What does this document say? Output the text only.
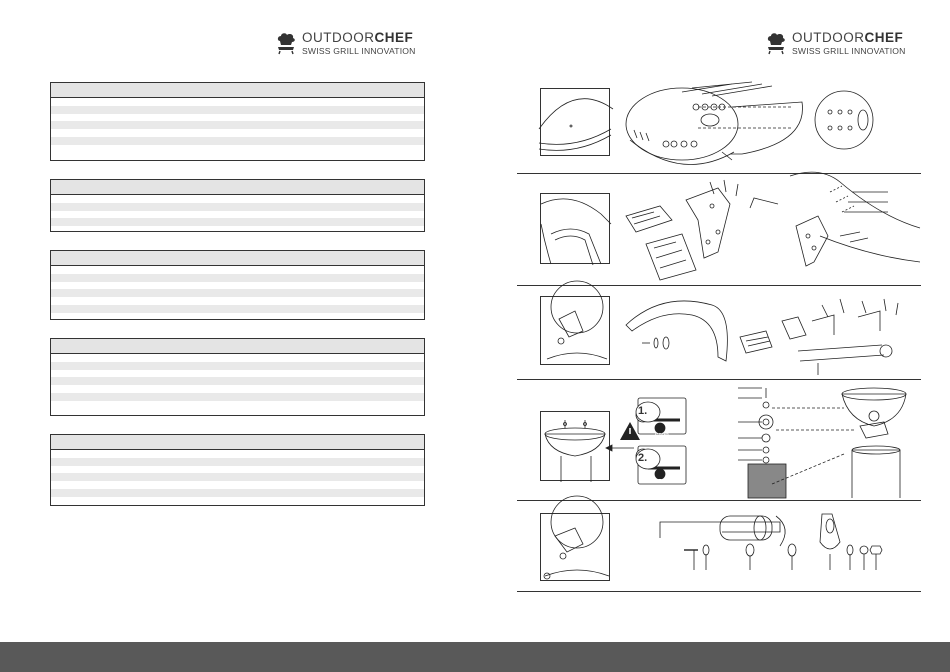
OUTDOORCHEF
SWISS GRILL INNOVATION
OUTDOORCHEF
SWISS GRILL INNOVATION
1.
2.
STOP
STOP
